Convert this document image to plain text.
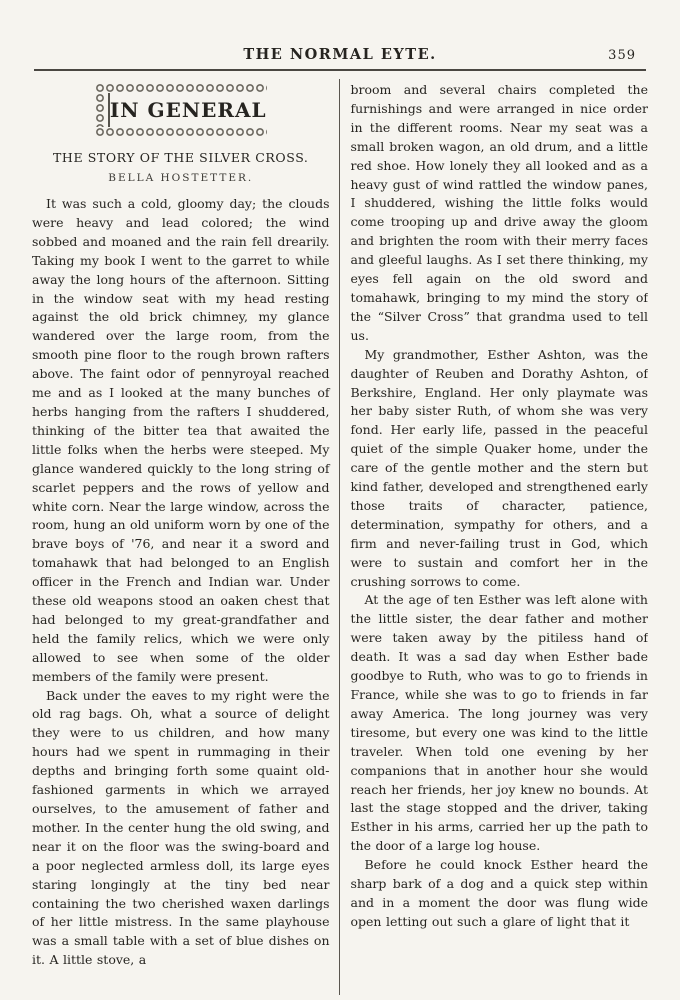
THE NORMAL EYTE.	359
IN GENERAL
THE STORY OF THE SILVER CROSS.
BELLA HOSTETTER.

It was such a cold, gloomy day; the clouds were heavy and lead colored; the wind sobbed and moaned and the rain fell drearily. Taking my book I went to the garret to while away the long hours of the afternoon. Sitting in the window seat with my head resting against the old brick chimney, my glance wandered over the large room, from the smooth pine floor to the rough brown rafters above. The faint odor of pennyroyal reached me and as I looked at the many bunches of herbs hanging from the rafters I shuddered, thinking of the bitter tea that awaited the little folks when the herbs were steeped. My glance wandered quickly to the long string of scarlet peppers and the rows of yellow and white corn. Near the large window, across the room, hung an old uniform worn by one of the brave boys of '76, and near it a sword and tomahawk that had belonged to an English officer in the French and Indian war. Under these old weapons stood an oaken chest that had belonged to my great-grandfather and held the family relics, which we were only allowed to see when some of the older members of the family were present.

Back under the eaves to my right were the old rag bags. Oh, what a source of delight they were to us children, and how many hours had we spent in rummaging in their depths and bringing forth some quaint old-fashioned garments in which we arrayed ourselves, to the amusement of father and mother. In the center hung the old swing, and near it on the floor was the swing-board and a poor neglected armless doll, its large eyes staring longingly at the tiny bed near containing the two cherished waxen darlings of her little mistress. In the same playhouse was a small table with a set of blue dishes on it. A little stove, a

broom and several chairs completed the furnishings and were arranged in nice order in the different rooms. Near my seat was a small broken wagon, an old drum, and a little red shoe. How lonely they all looked and as a heavy gust of wind rattled the window panes, I shuddered, wishing the little folks would come trooping up and drive away the gloom and brighten the room with their merry faces and gleeful laughs. As I set there thinking, my eyes fell again on the old sword and tomahawk, bringing to my mind the story of the “Silver Cross” that grandma used to tell us.

My grandmother, Esther Ashton, was the daughter of Reuben and Dorathy Ashton, of Berkshire, England. Her only playmate was her baby sister Ruth, of whom she was very fond. Her early life, passed in the peaceful quiet of the simple Quaker home, under the care of the gentle mother and the stern but kind father, developed and strengthened early those traits of character, patience, determination, sympathy for others, and a firm and never-failing trust in God, which were to sustain and comfort her in the crushing sorrows to come.

At the age of ten Esther was left alone with the little sister, the dear father and mother were taken away by the pitiless hand of death. It was a sad day when Esther bade goodbye to Ruth, who was to go to friends in France, while she was to go to friends in far away America. The long journey was very tiresome, but every one was kind to the little traveler. When told one evening by her companions that in another hour she would reach her friends, her joy knew no bounds. At last the stage stopped and the driver, taking Esther in his arms, carried her up the path to the door of a large log house.

Before he could knock Esther heard the sharp bark of a dog and a quick step within and in a moment the door was flung wide open letting out such a glare of light that it
